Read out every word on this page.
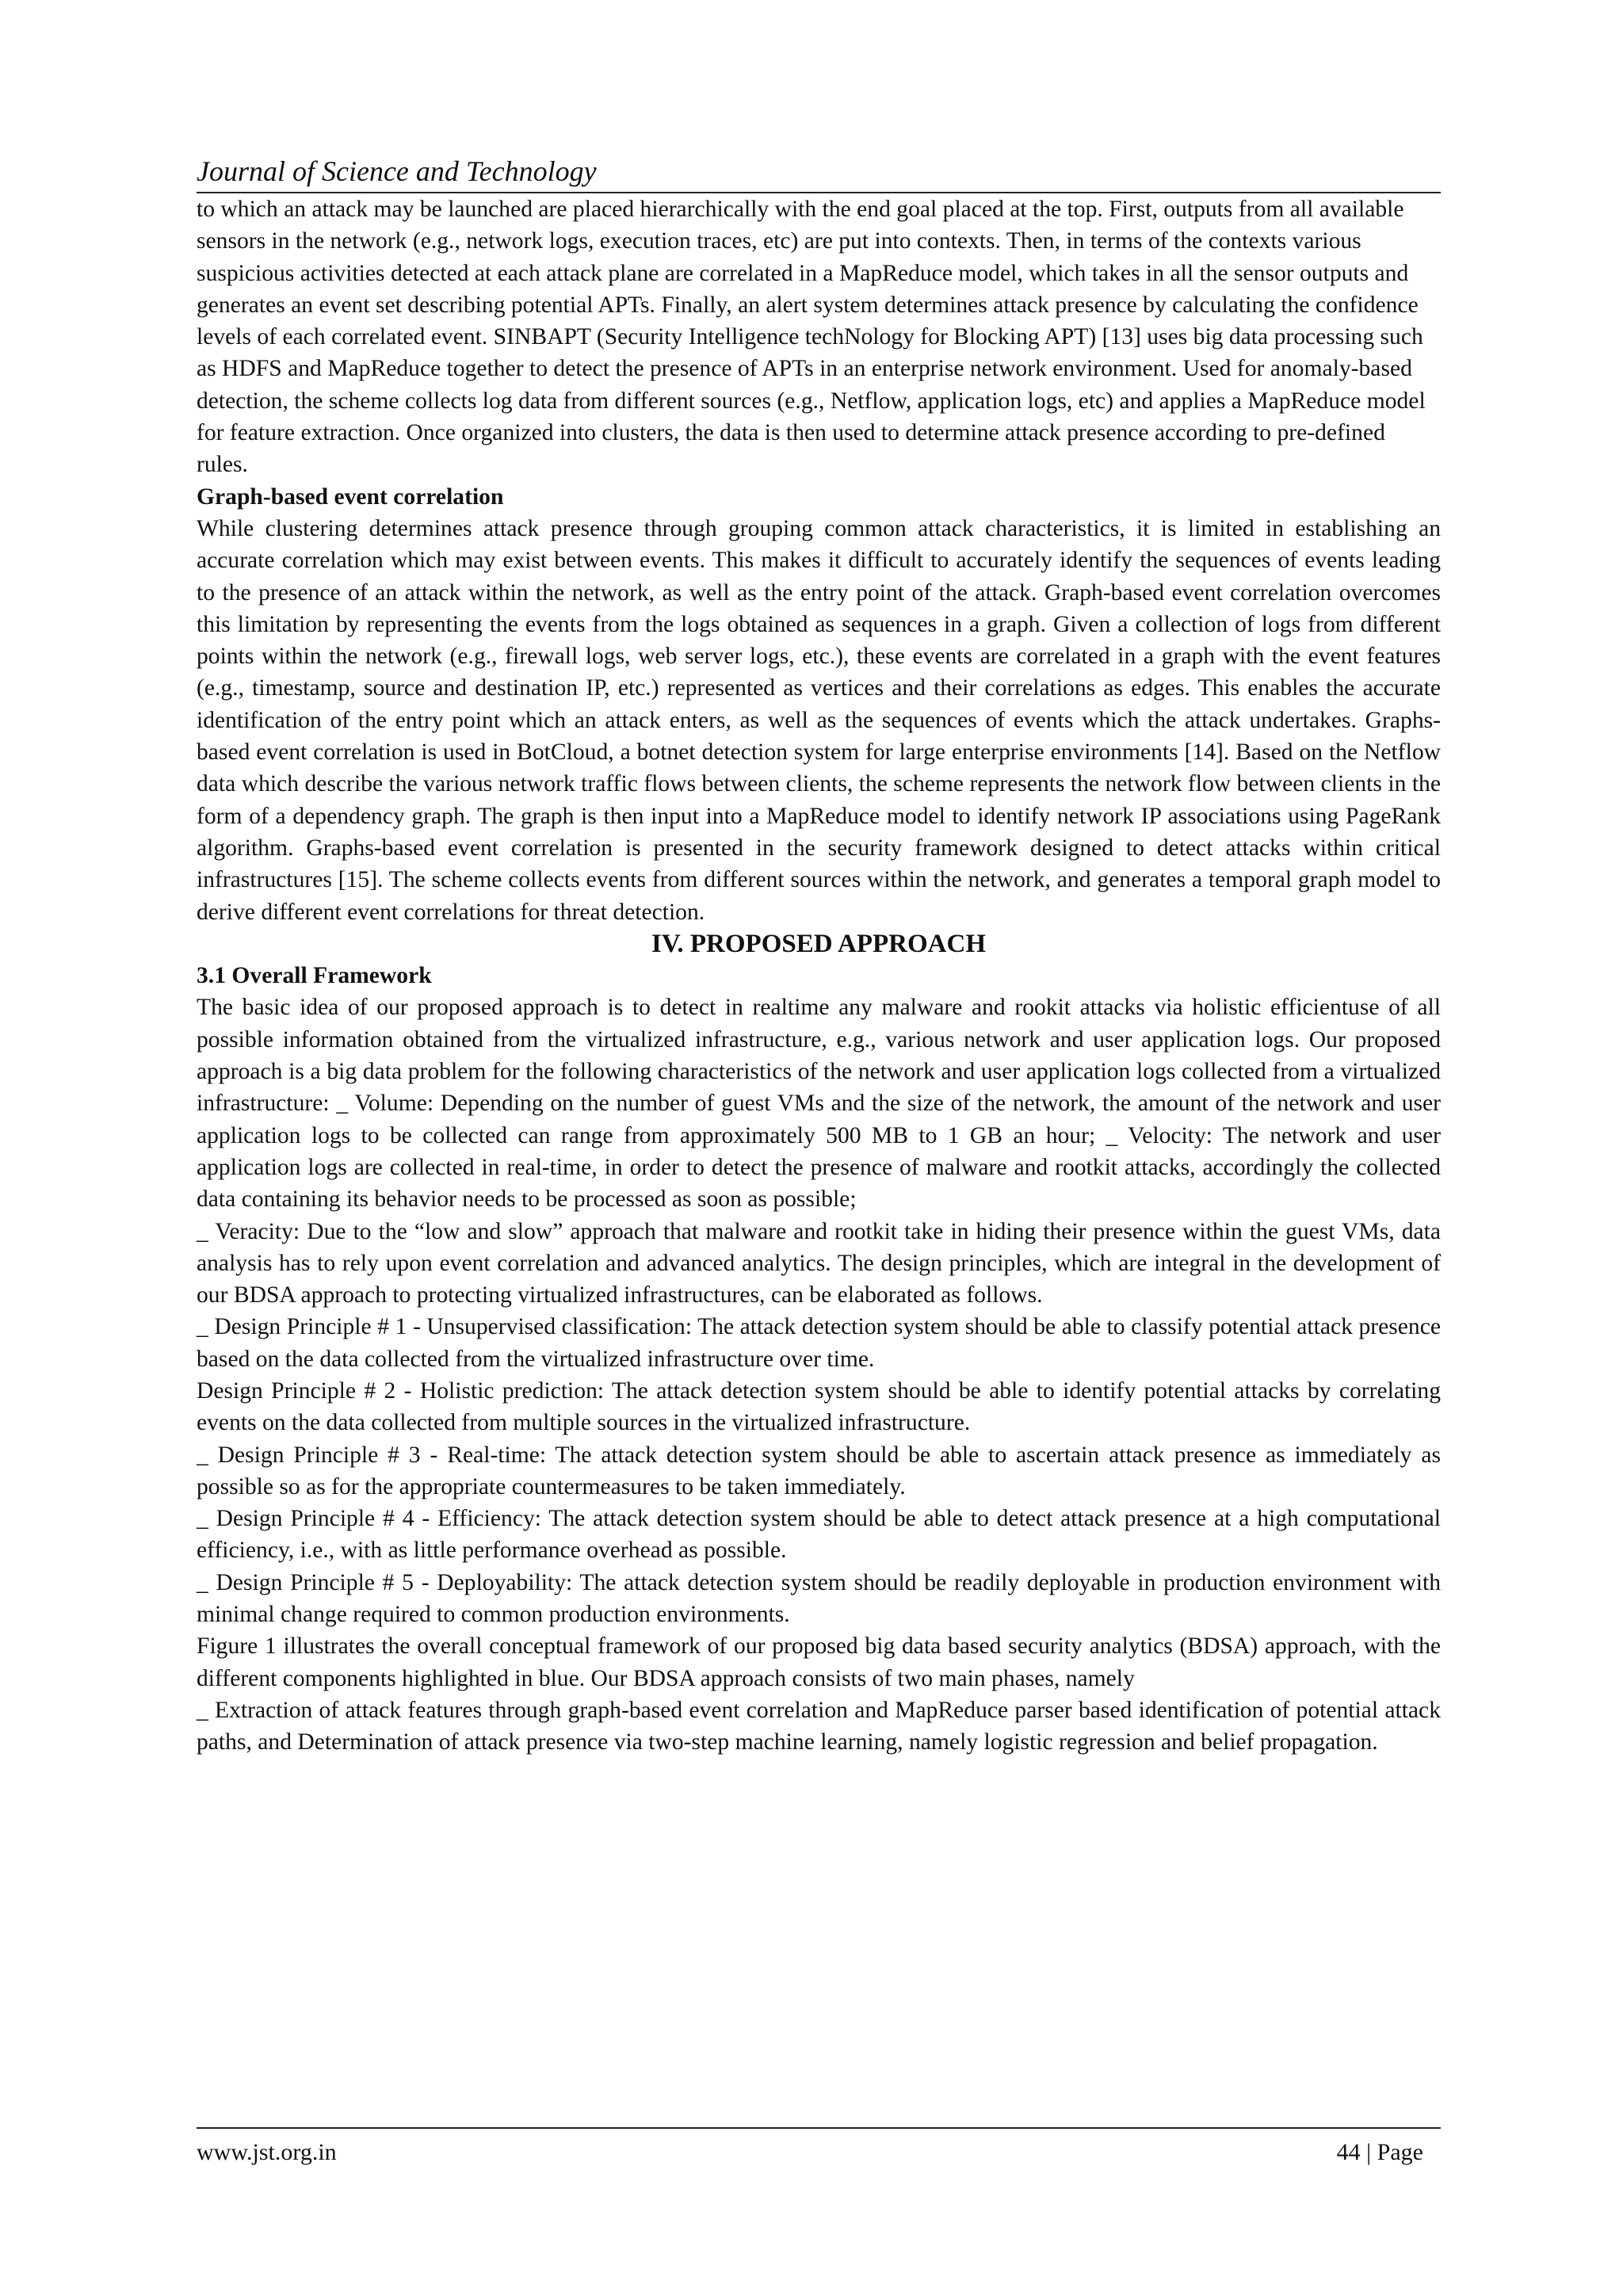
Journal of Science and Technology

to which an attack may be launched are placed hierarchically with the end goal placed at the top. First, outputs from all available sensors in the network (e.g., network logs, execution traces, etc) are put into contexts. Then, in terms of the contexts various suspicious activities detected at each attack plane are correlated in a MapReduce model, which takes in all the sensor outputs and generates an event set describing potential APTs. Finally, an alert system determines attack presence by calculating the confidence levels of each correlated event. SINBAPT (Security Intelligence techNology for Blocking APT) [13] uses big data processing such as HDFS and MapReduce together to detect the presence of APTs in an enterprise network environment. Used for anomaly-based detection, the scheme collects log data from different sources (e.g., Netflow, application logs, etc) and applies a MapReduce model for feature extraction. Once organized into clusters, the data is then used to determine attack presence according to pre-defined rules.

Graph-based event correlation

While clustering determines attack presence through grouping common attack characteristics, it is limited in establishing an accurate correlation which may exist between events. This makes it difficult to accurately identify the sequences of events leading to the presence of an attack within the network, as well as the entry point of the attack. Graph-based event correlation overcomes this limitation by representing the events from the logs obtained as sequences in a graph. Given a collection of logs from different points within the network (e.g., firewall logs, web server logs, etc.), these events are correlated in a graph with the event features (e.g., timestamp, source and destination IP, etc.) represented as vertices and their correlations as edges. This enables the accurate identification of the entry point which an attack enters, as well as the sequences of events which the attack undertakes. Graphs-based event correlation is used in BotCloud, a botnet detection system for large enterprise environments [14]. Based on the Netflow data which describe the various network traffic flows between clients, the scheme represents the network flow between clients in the form of a dependency graph. The graph is then input into a MapReduce model to identify network IP associations using PageRank algorithm. Graphs-based event correlation is presented in the security framework designed to detect attacks within critical infrastructures [15]. The scheme collects events from different sources within the network, and generates a temporal graph model to derive different event correlations for threat detection.

IV. PROPOSED APPROACH

3.1 Overall Framework

The basic idea of our proposed approach is to detect in realtime any malware and rookit attacks via holistic efficientuse of all possible information obtained from the virtualized infrastructure, e.g., various network and user application logs. Our proposed approach is a big data problem for the following characteristics of the network and user application logs collected from a virtualized infrastructure: _ Volume: Depending on the number of guest VMs and the size of the network, the amount of the network and user application logs to be collected can range from approximately 500 MB to 1 GB an hour; _ Velocity: The network and user application logs are collected in real-time, in order to detect the presence of malware and rootkit attacks, accordingly the collected data containing its behavior needs to be processed as soon as possible;

_ Veracity: Due to the “low and slow” approach that malware and rootkit take in hiding their presence within the guest VMs, data analysis has to rely upon event correlation and advanced analytics. The design principles, which are integral in the development of our BDSA approach to protecting virtualized infrastructures, can be elaborated as follows.

_ Design Principle # 1 - Unsupervised classification: The attack detection system should be able to classify potential attack presence based on the data collected from the virtualized infrastructure over time.

Design Principle # 2 - Holistic prediction: The attack detection system should be able to identify potential attacks by correlating events on the data collected from multiple sources in the virtualized infrastructure.

_ Design Principle # 3 - Real-time: The attack detection system should be able to ascertain attack presence as immediately as possible so as for the appropriate countermeasures to be taken immediately.

_ Design Principle # 4 - Efficiency: The attack detection system should be able to detect attack presence at a high computational efficiency, i.e., with as little performance overhead as possible.

_ Design Principle # 5 - Deployability: The attack detection system should be readily deployable in production environment with minimal change required to common production environments.

Figure 1 illustrates the overall conceptual framework of our proposed big data based security analytics (BDSA) approach, with the different components highlighted in blue. Our BDSA approach consists of two main phases, namely

_ Extraction of attack features through graph-based event correlation and MapReduce parser based identification of potential attack paths, and Determination of attack presence via two-step machine learning, namely logistic regression and belief propagation.

www.jst.org.in	44 | Page
